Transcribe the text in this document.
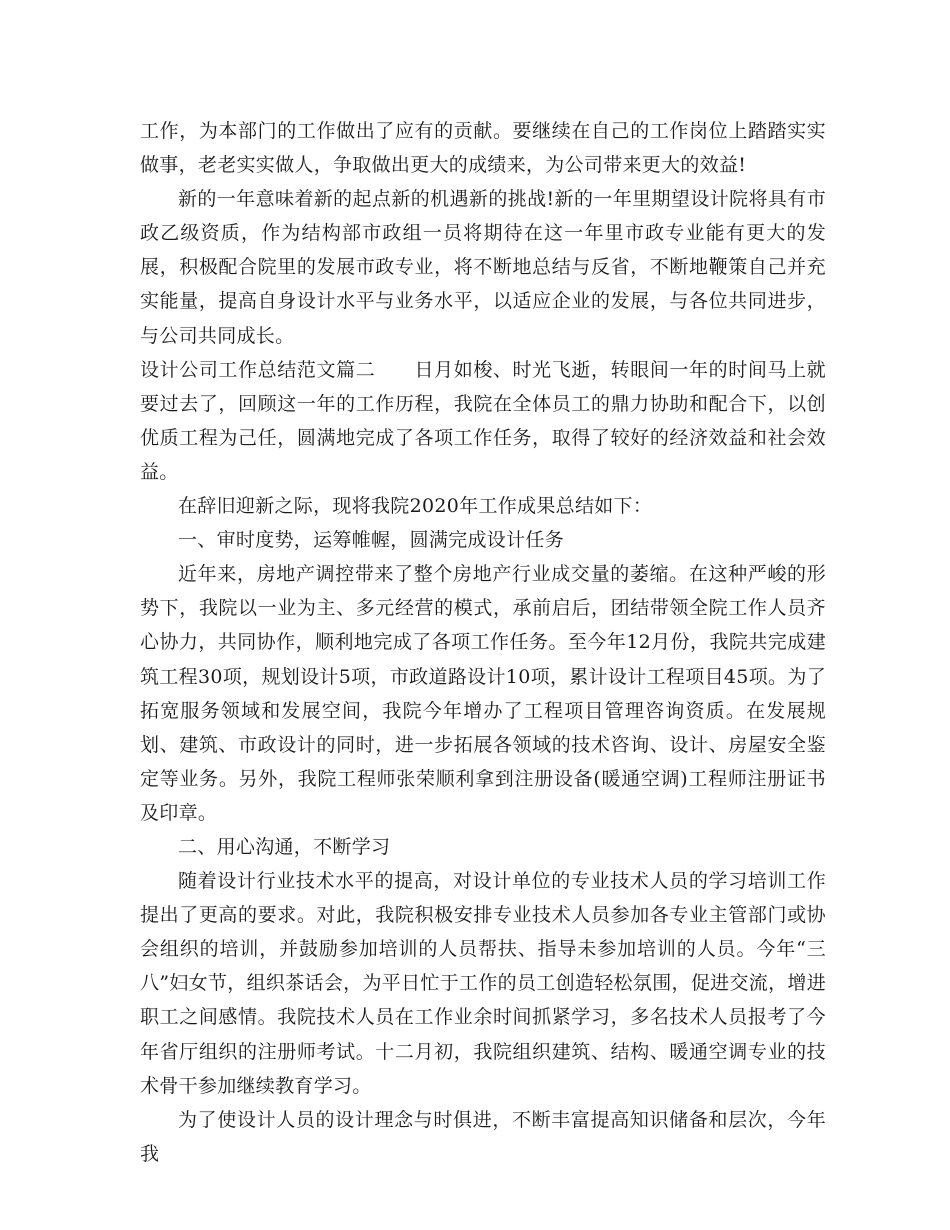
工作，为本部门的工作做出了应有的贡献。要继续在自己的工作岗位上踏踏实实做事，老老实实做人，争取做出更大的成绩来，为公司带来更大的效益!

新的一年意味着新的起点新的机遇新的挑战!新的一年里期望设计院将具有市政乙级资质，作为结构部市政组一员将期待在这一年里市政专业能有更大的发展，积极配合院里的发展市政专业，将不断地总结与反省，不断地鞭策自己并充实能量，提高自身设计水平与业务水平，以适应企业的发展，与各位共同进步，与公司共同成长。

设计公司工作总结范文篇二　　日月如梭、时光飞逝，转眼间一年的时间马上就要过去了，回顾这一年的工作历程，我院在全体员工的鼎力协助和配合下，以创优质工程为己任，圆满地完成了各项工作任务，取得了较好的经济效益和社会效益。

在辞旧迎新之际，现将我院2020年工作成果总结如下：

一、审时度势，运筹帷幄，圆满完成设计任务

近年来，房地产调控带来了整个房地产行业成交量的萎缩。在这种严峻的形势下，我院以一业为主、多元经营的模式，承前启后，团结带领全院工作人员齐心协力，共同协作，顺利地完成了各项工作任务。至今年12月份，我院共完成建筑工程30项，规划设计5项，市政道路设计10项，累计设计工程项目45项。为了拓宽服务领域和发展空间，我院今年增办了工程项目管理咨询资质。在发展规划、建筑、市政设计的同时，进一步拓展各领域的技术咨询、设计、房屋安全鉴定等业务。另外，我院工程师张荣顺利拿到注册设备(暖通空调)工程师注册证书及印章。

二、用心沟通，不断学习

随着设计行业技术水平的提高，对设计单位的专业技术人员的学习培训工作提出了更高的要求。对此，我院积极安排专业技术人员参加各专业主管部门或协会组织的培训，并鼓励参加培训的人员帮扶、指导未参加培训的人员。今年“三八”妇女节，组织茶话会，为平日忙于工作的员工创造轻松氛围，促进交流，增进职工之间感情。我院技术人员在工作业余时间抓紧学习，多名技术人员报考了今年省厅组织的注册师考试。十二月初，我院组织建筑、结构、暖通空调专业的技术骨干参加继续教育学习。

为了使设计人员的设计理念与时俱进，不断丰富提高知识储备和层次，今年我
